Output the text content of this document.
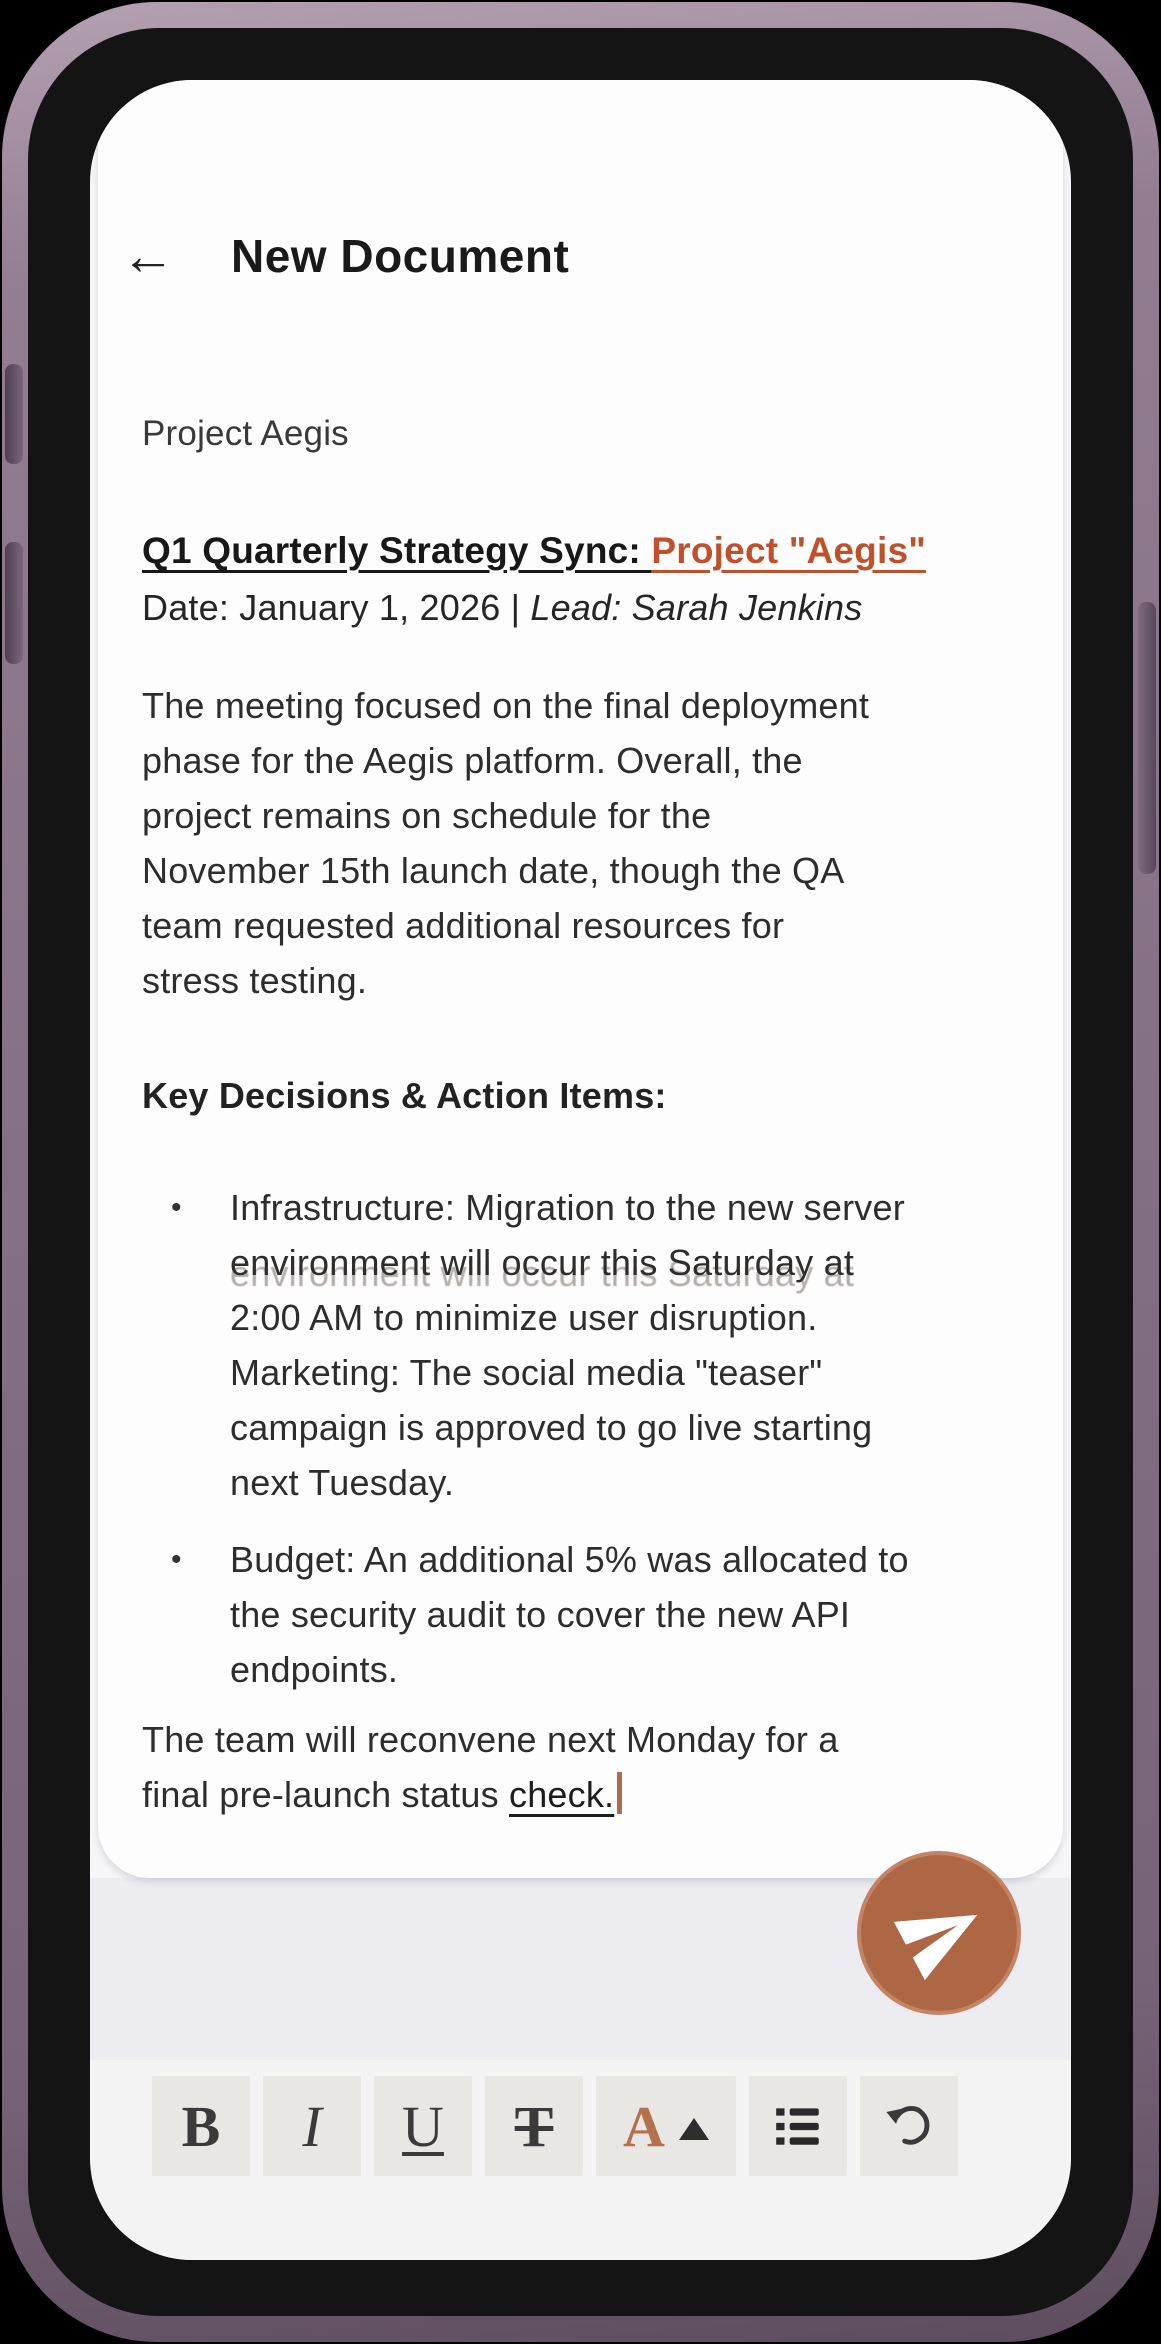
← New Document
Project Aegis
Q1 Quarterly Strategy Sync: Project "Aegis"
Date: January 1, 2026 | Lead: Sarah Jenkins
The meeting focused on the final deployment
phase for the Aegis platform. Overall, the
project remains on schedule for the
November 15th launch date, though the QA
team requested additional resources for
stress testing.
Key Decisions & Action Items:
•	Infrastructure: Migration to the new server
environment will occur this Saturday at
2:00 AM to minimize user disruption.
Marketing: The social media "teaser"
campaign is approved to go live starting
next Tuesday.
•	Budget: An additional 5% was allocated to
the security audit to cover the new API
endpoints.
The team will reconvene next Monday for a
final pre-launch status check.
B I U T A
